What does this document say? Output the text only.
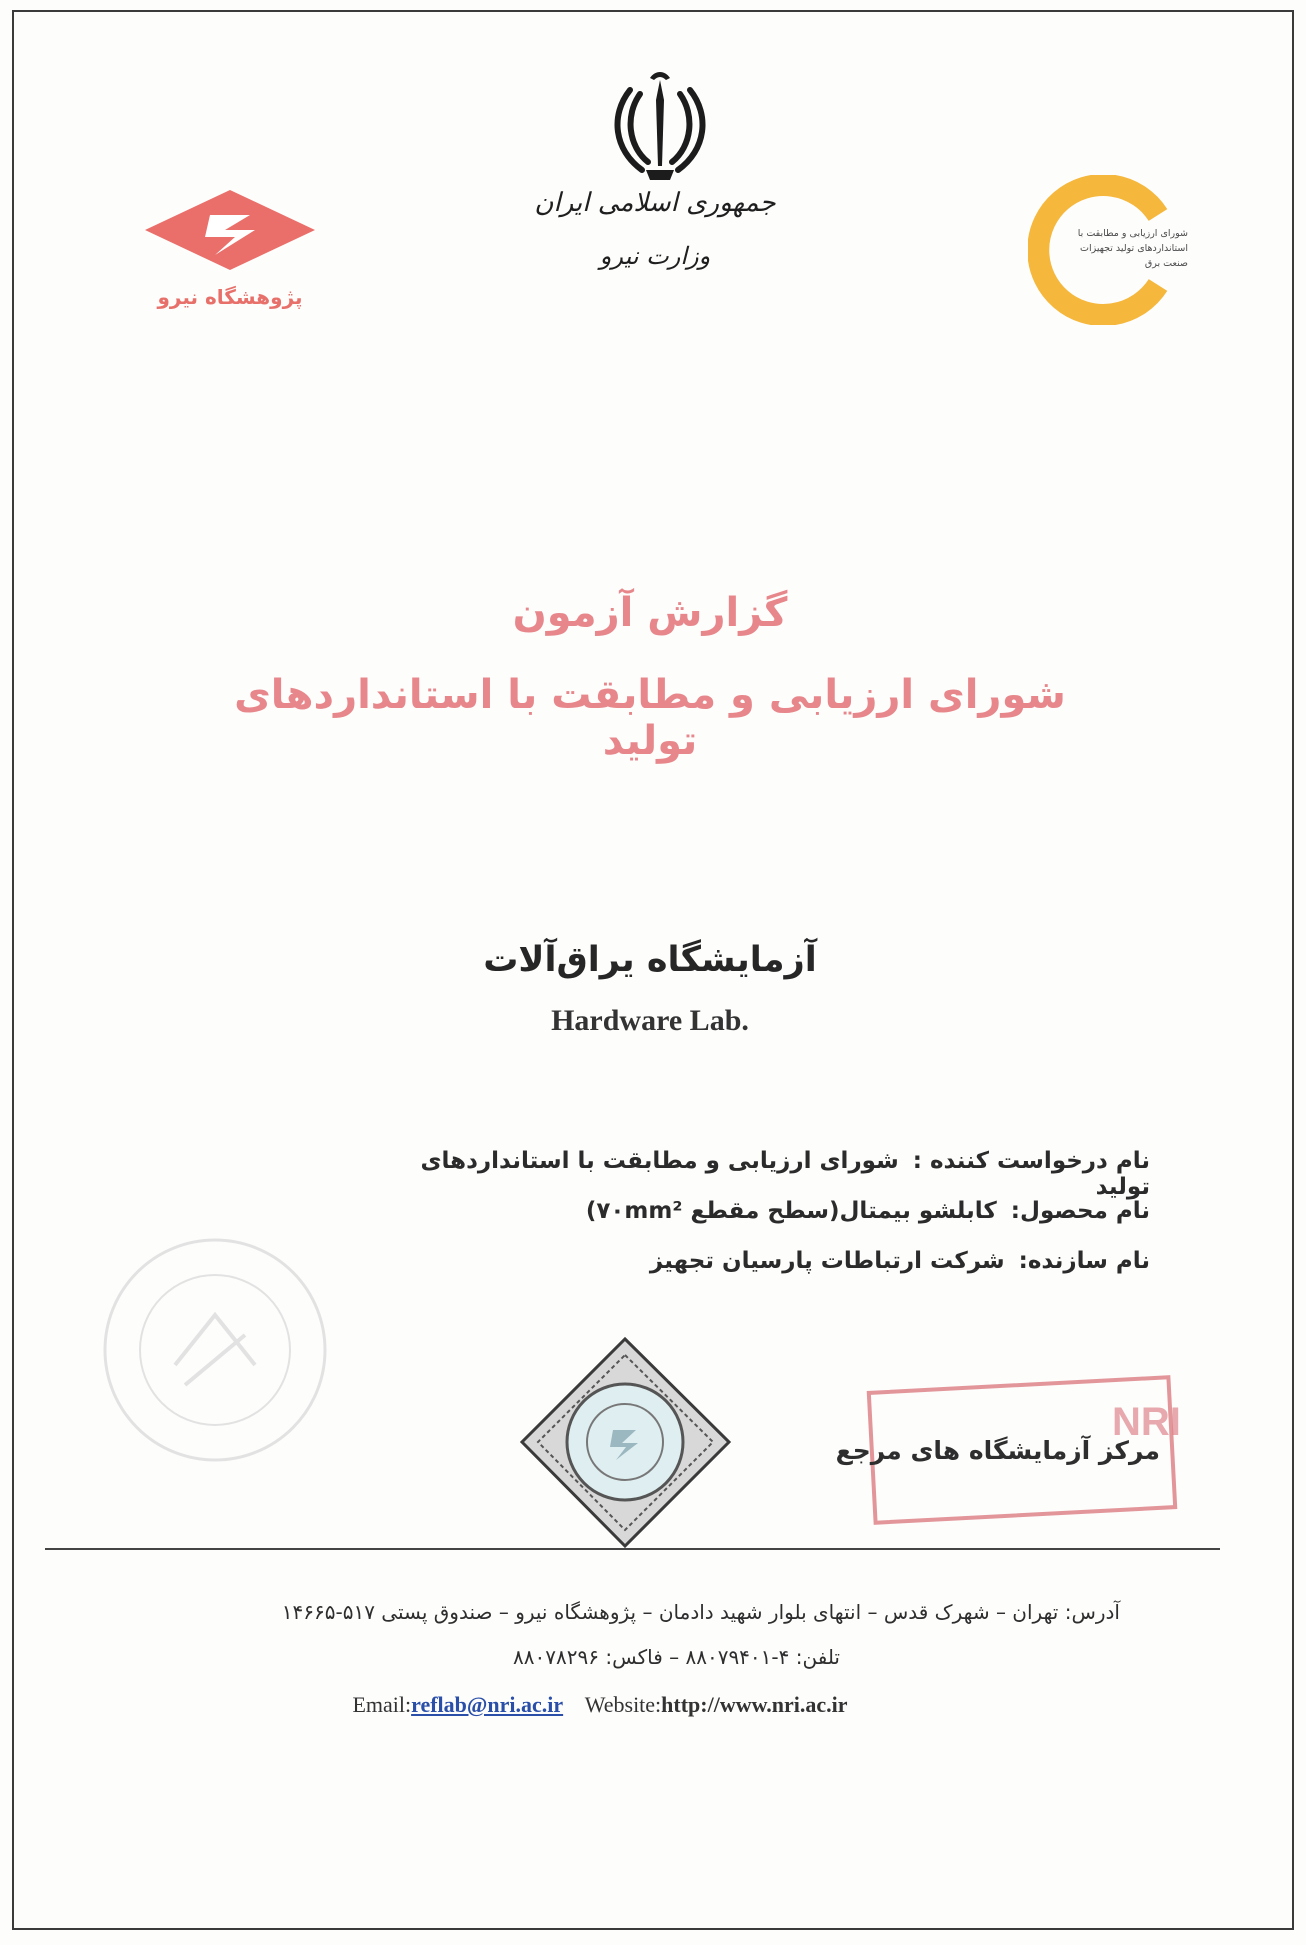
جمهوری اسلامی ایران
وزارت نیرو
پژوهشگاه نیرو
شورای ارزیابی و مطابقت با
استانداردهای تولید تجهیزات
صنعت برق
گزارش آزمون
شورای ارزیابی و مطابقت با استانداردهای تولید
آزمایشگاه یراق‌آلات
Hardware Lab.
نام درخواست کننده : شورای ارزیابی و مطابقت با استانداردهای تولید
نام محصول: کابلشو بیمتال(سطح مقطع ۷۰mm²)
نام سازنده: شرکت ارتباطات پارسیان تجهیز
NRI
مرکز آزمایشگاه های مرجع
آدرس: تهران – شهرک قدس – انتهای بلوار شهید دادمان – پژوهشگاه نیرو – صندوق پستی ۵۱۷-۱۴۶۶۵
تلفن: ۴-۸۸۰۷۹۴۰۱ – فاکس: ۸۸۰۷۸۲۹۶
Email:reflab@nri.ac.ir Website:http://www.nri.ac.ir
